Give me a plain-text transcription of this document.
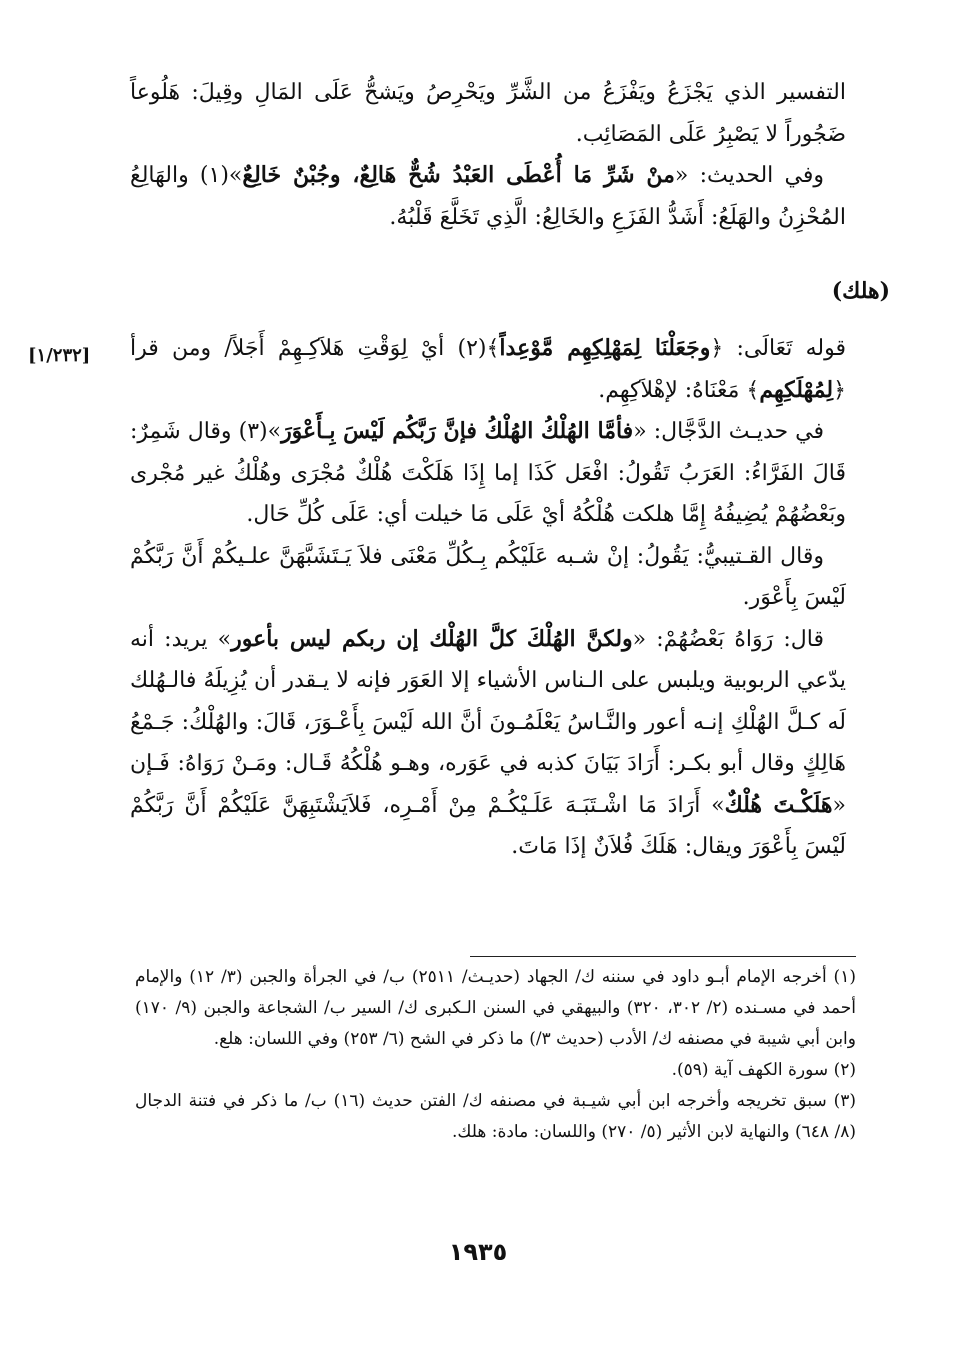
التفسير الذي يَجْزَعُ ويَفْزَعُ من الشَّرِّ ويَحْرِصُ ويَشحُّ عَلَى المَالِ وقِيلَ: هَلُوعاً ضَجُوراً لا يَصْبِرُ عَلَى المَصَائِب.

وفي الحديث: «منْ شَرِّ مَا أُعْطَى العَبْدُ شُحٌّ هَالِعٌ، وجُبْنٌ خَالِعٌ»(١) والهَالِعُ المُحْزِنُ والهَلَعُ: أَشَدُّ الفَزَعِ والخَالِعُ: الَّذِي تَخَلَّعَ قَلْبُهُ.

(هلك)
[١/٢٣٢]	قوله تَعَالَى: ﴿وجَعَلْنَا لِمَهْلِكِهِم مَّوْعِداً﴾(٢) أيْ لِوَقْتِ هَلاَكِـهِمْ أَجَلاً/ ومن قرأ ﴿لِمُهْلَكِهِم﴾ مَعْنَاهُ: لإهْلاَكِهِم.

في حديـث الدَّجَّال: «فأمَّا الهُلْكُ الهُلْكُ فإنَّ رَبَّكُم لَيْسَ بِـأَعْوَرَ»(٣) وقال شَمِرٌ: قَالَ الفَرَّاءُ: العَرَبُ تَقُولُ: افْعَل كَذَا إما إِذَا هَلَكْتَ هُلْكٌ مُجْرَى وهُلْكُ غير مُجْرى وبَعْضُهُمْ يُضِيفُهُ إِمَّا هلكت هُلْكُهُ أيْ عَلَى مَا خيلت أي: عَلَى كُلِّ حَال.

وقال القـتيبيُّ: يَقُولُ: إنْ شـبه عَلَيْكُم بِـكُلِّ مَعْنَى فلاَ يَـتَشَبَّهَنَّ علـيكُمْ أَنَّ رَبَّكُمْ لَيْسَ بِأَعْوَر.

قال: رَوَاهُ بَعْضُهُمْ: «ولكنَّ الهُلْكَ كلَّ الهُلْك إن ربكم ليس بأعور» يريد: أنه يدّعي الربوبية ويلبس على الـناس الأشياء إلا العَوَر فإنه لا يـقدر أن يُزِيلَهُ فالـهُلك لَه كـلَّ الهُلْكِ إنـه أعور والنَّـاسُ يَعْلَمُـونَ أنَّ الله لَيْسَ بِأَعْـوَرَ، قَالَ: والهُلْكُ: جَـمْعُ هَالِكٍ وقال أبو بكـر: أَرَادَ بَيَانَ كذبه في عَوَره، وهـو هُلْكُهُ قَـال: ومَـنْ رَوَاهُ: فَـإن «هَلَكْـتَ هُلْكٌ» أَرَادَ مَا اشْـتَبَـهَ عَلَـيْكُـمْ مِنْ أَمْـرِه، فَلاَيَشْتَبِهَنَّ عَلَيْكُمْ أَنَّ رَبَّكُمْ لَيْسَ بِأَعْوَرَ ويقال: هَلَكَ فُلاَنٌ إذَا مَاتَ.

(١) أخرجه الإمام أبـو داود في سننه ك/ الجهاد (حديـث/ ٢٥١١) ب/ في الجرأة والجبن (٣/ ١٢) والإمام أحمد في مسـنده (٢/ ٣٠٢، ٣٢٠) والبيهقي في السنن الـكبرى ك/ السير ب/ الشجاعة والجبن (٩/ ١٧٠) وابن أبي شيبة في مصنفه ك/ الأدب (حديث ٣/) ما ذكر في الشح (٦/ ٢٥٣) وفي اللسان: هلع.

(٢) سورة الكهف آية (٥٩).

(٣) سبق تخريجه وأخرجه ابن أبي شيـبة في مصنفه ك/ الفتن حديث (١٦) ب/ ما ذكر في فتنة الدجال (٨/ ٦٤٨) والنهاية لابن الأثير (٥/ ٢٧٠) واللسان: مادة: هلك.

١٩٣٥
